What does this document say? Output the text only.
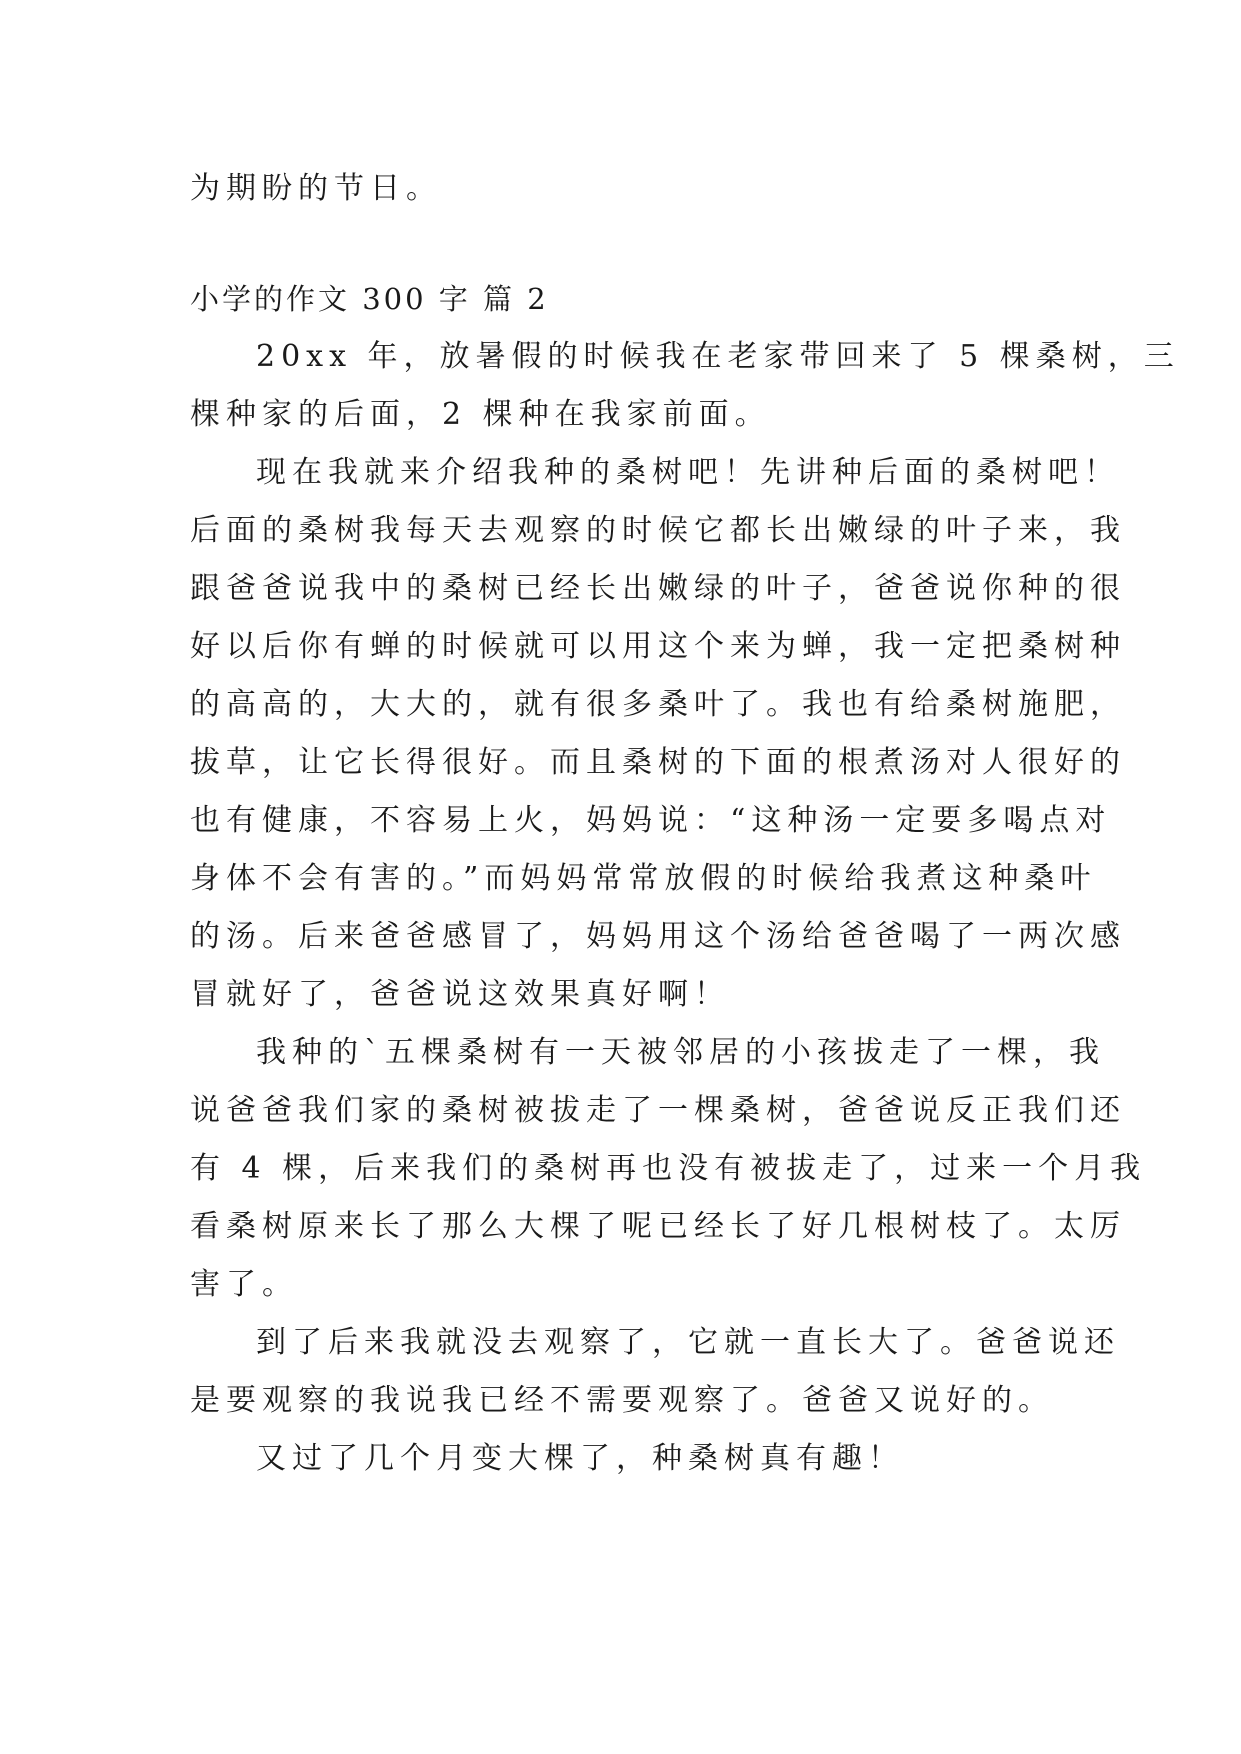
为期盼的节日。

小学的作文 300 字 篇 2

20xx 年，放暑假的时候我在老家带回来了 5 棵桑树，三

棵种家的后面，2 棵种在我家前面。

现在我就来介绍我种的桑树吧！先讲种后面的桑树吧！

后面的桑树我每天去观察的时候它都长出嫩绿的叶子来，我

跟爸爸说我中的桑树已经长出嫩绿的叶子，爸爸说你种的很

好以后你有蝉的时候就可以用这个来为蝉，我一定把桑树种

的高高的，大大的，就有很多桑叶了。我也有给桑树施肥，

拔草，让它长得很好。而且桑树的下面的根煮汤对人很好的

也有健康，不容易上火，妈妈说：“这种汤一定要多喝点对

身体不会有害的。”而妈妈常常放假的时候给我煮这种桑叶

的汤。后来爸爸感冒了，妈妈用这个汤给爸爸喝了一两次感

冒就好了，爸爸说这效果真好啊！

我种的`五棵桑树有一天被邻居的小孩拔走了一棵，我

说爸爸我们家的桑树被拔走了一棵桑树，爸爸说反正我们还

有 4 棵，后来我们的桑树再也没有被拔走了，过来一个月我

看桑树原来长了那么大棵了呢已经长了好几根树枝了。太厉

害了。

到了后来我就没去观察了，它就一直长大了。爸爸说还

是要观察的我说我已经不需要观察了。爸爸又说好的。

又过了几个月变大棵了，种桑树真有趣！
